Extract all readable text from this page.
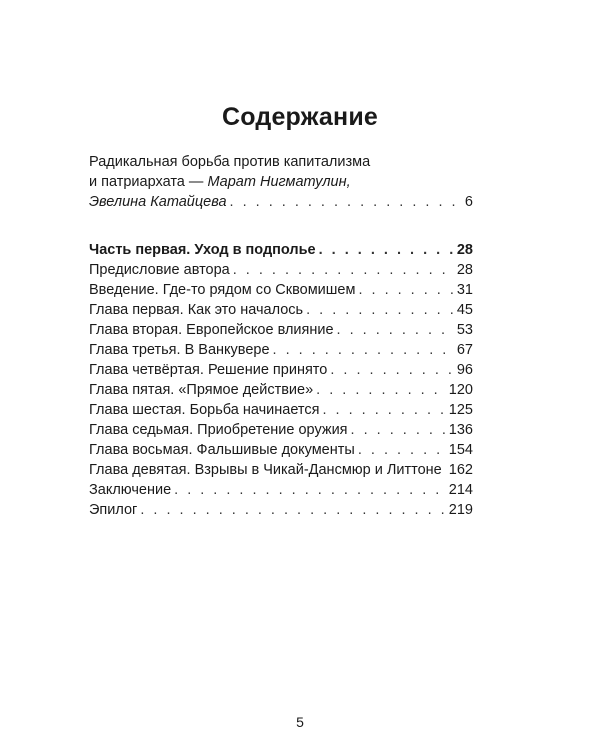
Содержание
Радикальная борьба против капитализма
и патриархата — Марат Нигматулин,
Эвелина Катайцева . . .	6
Часть первая. Уход в подполье . . .	28
Предисловие автора . . .	28
Введение. Где-то рядом со Сквомишем . . .	31
Глава первая. Как это началось . . .	45
Глава вторая. Европейское влияние . . .	53
Глава третья. В Ванкувере . . .	67
Глава четвёртая. Решение принято . . .	96
Глава пятая. «Прямое действие» . . .	120
Глава шестая. Борьба начинается . . .	125
Глава седьмая. Приобретение оружия . . .	136
Глава восьмая. Фальшивые документы . . .	154
Глава девятая. Взрывы в Чикай-Дансмюр и Литтоне . . . 162
Заключение . . .	214
Эпилог . . .	219
5
